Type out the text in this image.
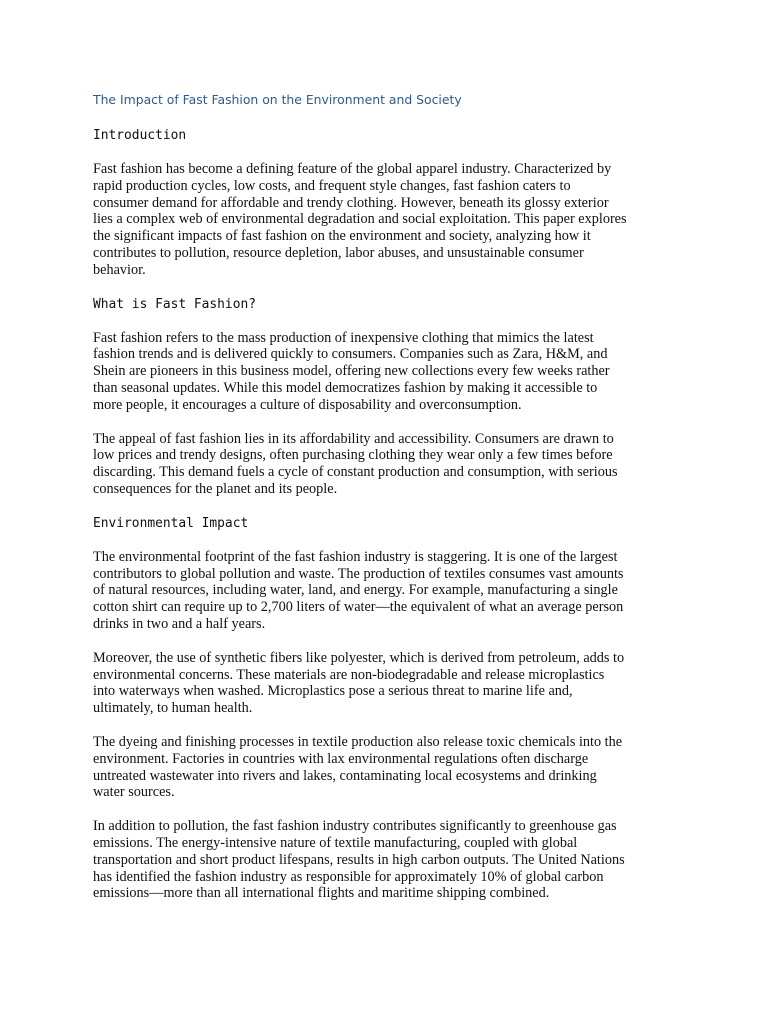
The Impact of Fast Fashion on the Environment and Society
Introduction
Fast fashion has become a defining feature of the global apparel industry. Characterized by
rapid production cycles, low costs, and frequent style changes, fast fashion caters to
consumer demand for affordable and trendy clothing. However, beneath its glossy exterior
lies a complex web of environmental degradation and social exploitation. This paper explores
the significant impacts of fast fashion on the environment and society, analyzing how it
contributes to pollution, resource depletion, labor abuses, and unsustainable consumer
behavior.
What is Fast Fashion?
Fast fashion refers to the mass production of inexpensive clothing that mimics the latest
fashion trends and is delivered quickly to consumers. Companies such as Zara, H&M, and
Shein are pioneers in this business model, offering new collections every few weeks rather
than seasonal updates. While this model democratizes fashion by making it accessible to
more people, it encourages a culture of disposability and overconsumption.
The appeal of fast fashion lies in its affordability and accessibility. Consumers are drawn to
low prices and trendy designs, often purchasing clothing they wear only a few times before
discarding. This demand fuels a cycle of constant production and consumption, with serious
consequences for the planet and its people.
Environmental Impact
The environmental footprint of the fast fashion industry is staggering. It is one of the largest
contributors to global pollution and waste. The production of textiles consumes vast amounts
of natural resources, including water, land, and energy. For example, manufacturing a single
cotton shirt can require up to 2,700 liters of water—the equivalent of what an average person
drinks in two and a half years.
Moreover, the use of synthetic fibers like polyester, which is derived from petroleum, adds to
environmental concerns. These materials are non-biodegradable and release microplastics
into waterways when washed. Microplastics pose a serious threat to marine life and,
ultimately, to human health.
The dyeing and finishing processes in textile production also release toxic chemicals into the
environment. Factories in countries with lax environmental regulations often discharge
untreated wastewater into rivers and lakes, contaminating local ecosystems and drinking
water sources.
In addition to pollution, the fast fashion industry contributes significantly to greenhouse gas
emissions. The energy-intensive nature of textile manufacturing, coupled with global
transportation and short product lifespans, results in high carbon outputs. The United Nations
has identified the fashion industry as responsible for approximately 10% of global carbon
emissions—more than all international flights and maritime shipping combined.
